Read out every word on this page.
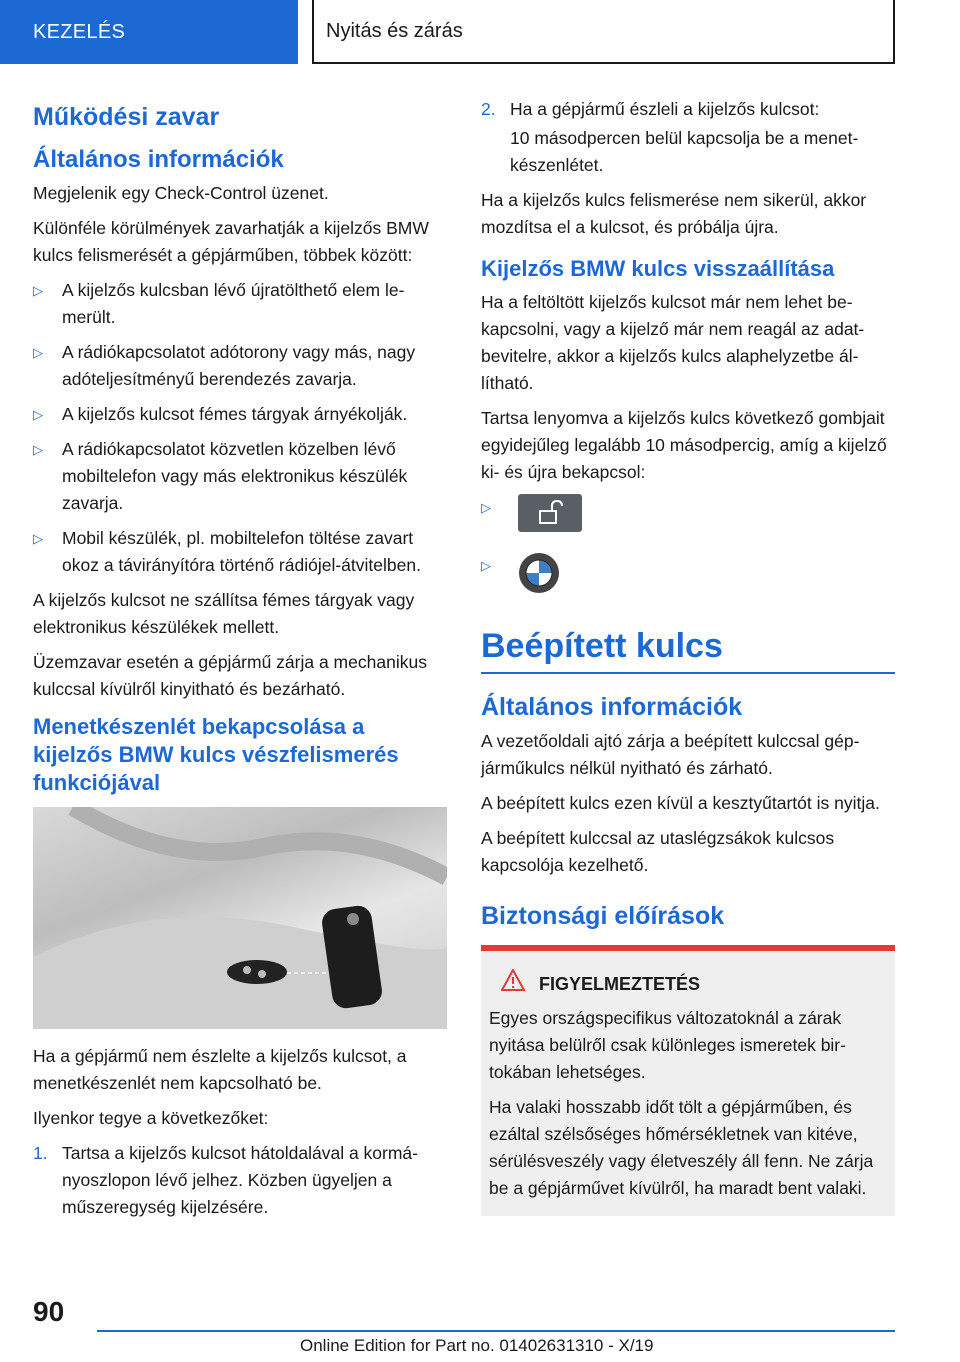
KEZELÉS	Nyitás és zárás
Működési zavar
Általános információk

Megjelenik egy Check-Control üzenet.

Különféle körülmények zavarhatják a kijelzős BMW kulcs felismerését a gépjárműben, többek között:

▷ A kijelzős kulcsban lévő újratölthető elem lemerült.
▷ A rádiókapcsolatot adótorony vagy más, nagy adóteljesítményű berendezés zavarja.
▷ A kijelzős kulcsot fémes tárgyak árnyékolják.
▷ A rádiókapcsolatot közvetlen közelben lévő mobiltelefon vagy más elektronikus készülék zavarja.
▷ Mobil készülék, pl. mobiltelefon töltése zavart okoz a távirányítóra történő rádiójel-átvitelben.

A kijelzős kulcsot ne szállítsa fémes tárgyak vagy elektronikus készülékek mellett.

Üzemzavar esetén a gépjármű zárja a mechanikus kulccsal kívülről kinyitható és bezárható.

Menetkészenlét bekapcsolása a kijelzős BMW kulcs vészfelismerés funkciójával

Ha a gépjármű nem észlelte a kijelzős kulcsot, a menetkészenlét nem kapcsolható be.

Ilyenkor tegye a következőket:

1. Tartsa a kijelzős kulcsot hátoldalával a kormányoszlopon lévő jelhez. Közben ügyeljen a műszeregység kijelzésére.
2. Ha a gépjármű észleli a kijelzős kulcsot:

10 másodpercen belül kapcsolja be a menetkészenlétet.

Ha a kijelzős kulcs felismerése nem sikerül, akkor mozdítsa el a kulcsot, és próbálja újra.

Kijelzős BMW kulcs visszaállítása

Ha a feltöltött kijelzős kulcsot már nem lehet bekapcsolni, vagy a kijelző már nem reagál az adatbevitelre, akkor a kijelzős kulcs alaphelyzetbe állítható.

Tartsa lenyomva a kijelzős kulcs következő gombjait egyidejűleg legalább 10 másodpercig, amíg a kijelző ki- és újra bekapcsol:

▷
▷
Beépített kulcs
Általános információk

A vezetőoldali ajtó zárja a beépített kulccsal gépjárműkulcs nélkül nyitható és zárható.

A beépített kulcs ezen kívül a kesztyűtartót is nyitja.

A beépített kulccsal az utaslégzsákok kulcsos kapcsolója kezelhető.

Biztonsági előírások
FIGYELMEZTETÉS

Egyes országspecifikus változatoknál a zárak nyitása belülről csak különleges ismeretek birtokában lehetséges.

Ha valaki hosszabb időt tölt a gépjárműben, és ezáltal szélsőséges hőmérsékletnek van kitéve, sérülésveszély vagy életveszély áll fenn. Ne zárja be a gépjárművet kívülről, ha maradt bent valaki.

90
Online Edition for Part no. 01402631310 - X/19
